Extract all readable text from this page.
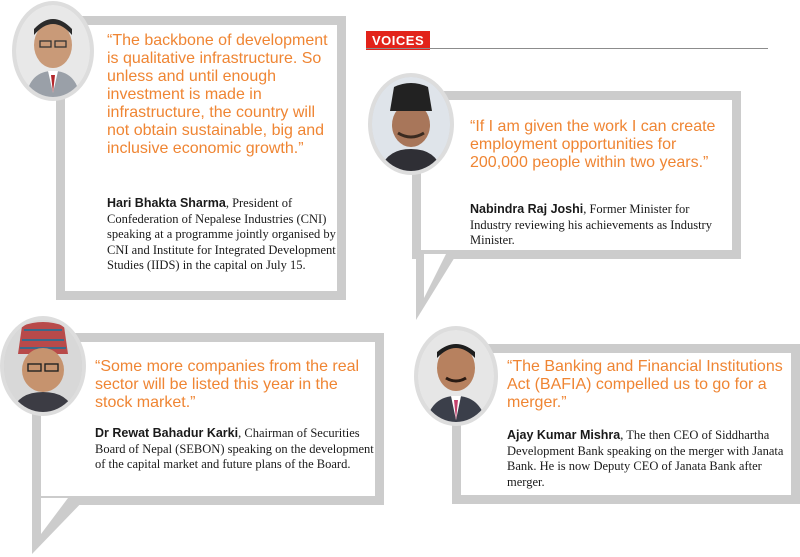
VOICES

“The backbone of development is qualitative infrastructure. So unless and until enough investment is made in infrastructure, the country will not obtain sustainable, big and inclusive economic growth.”

Hari Bhakta Sharma, President of Confederation of Nepalese Industries (CNI) speaking at a programme jointly organised by CNI and Institute for Integrated Development Studies (IIDS) in the capital on July 15.

“If I am given the work I can create employment opportunities for 200,000 people within two years.”

Nabindra Raj Joshi, Former Minister for Industry reviewing his achievements as Industry Minister.

“Some more companies from the real sector will be listed this year in the stock market.”

Dr Rewat Bahadur Karki, Chairman of Securities Board of Nepal (SEBON) speaking on the development of the capital market and future plans of the Board.

“The Banking and Financial Institutions Act (BAFIA) compelled us to go for a merger.”

Ajay Kumar Mishra, The then CEO of Siddhartha Development Bank speaking on the merger with Janata Bank. He is now Deputy CEO of Janata Bank after merger.
